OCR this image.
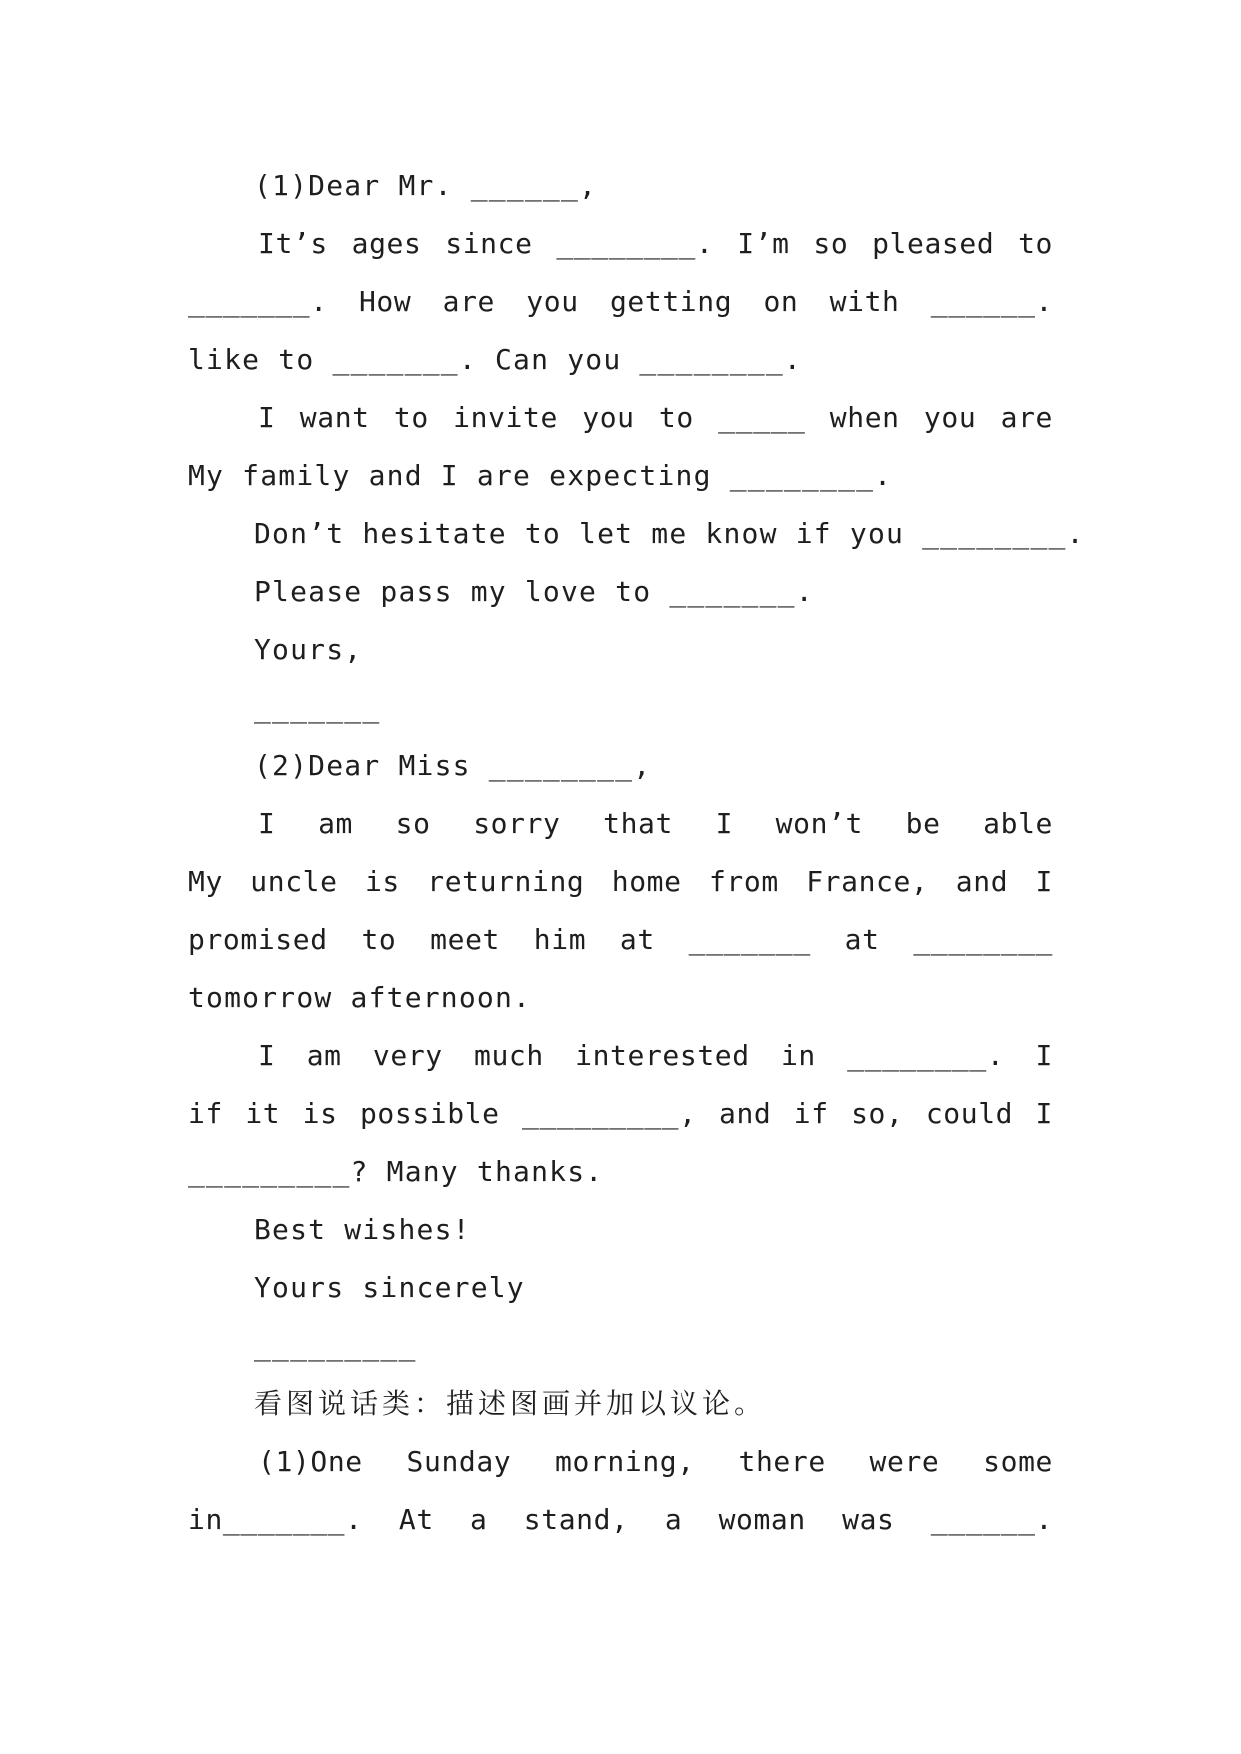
(1)Dear Mr. ______,
It’s ages since ________. I’m so pleased to
_______. How are you getting on with ______.
like to _______. Can you ________.
I want to invite you to _____ when you are
My family and I are expecting ________.
Don’t hesitate to let me know if you ________.
Please pass my love to _______.
Yours,
_______
(2)Dear Miss ________,
I am so sorry that I won’t be able
My uncle is returning home from France, and I
promised to meet him at _______ at ________
tomorrow afternoon.
I am very much interested in ________. I
if it is possible _________, and if so, could I
_________? Many thanks.
Best wishes!
Yours sincerely
_________
看图说话类：描述图画并加以议论。
(1)One Sunday morning, there were some
in_______. At a stand, a woman was ______.
